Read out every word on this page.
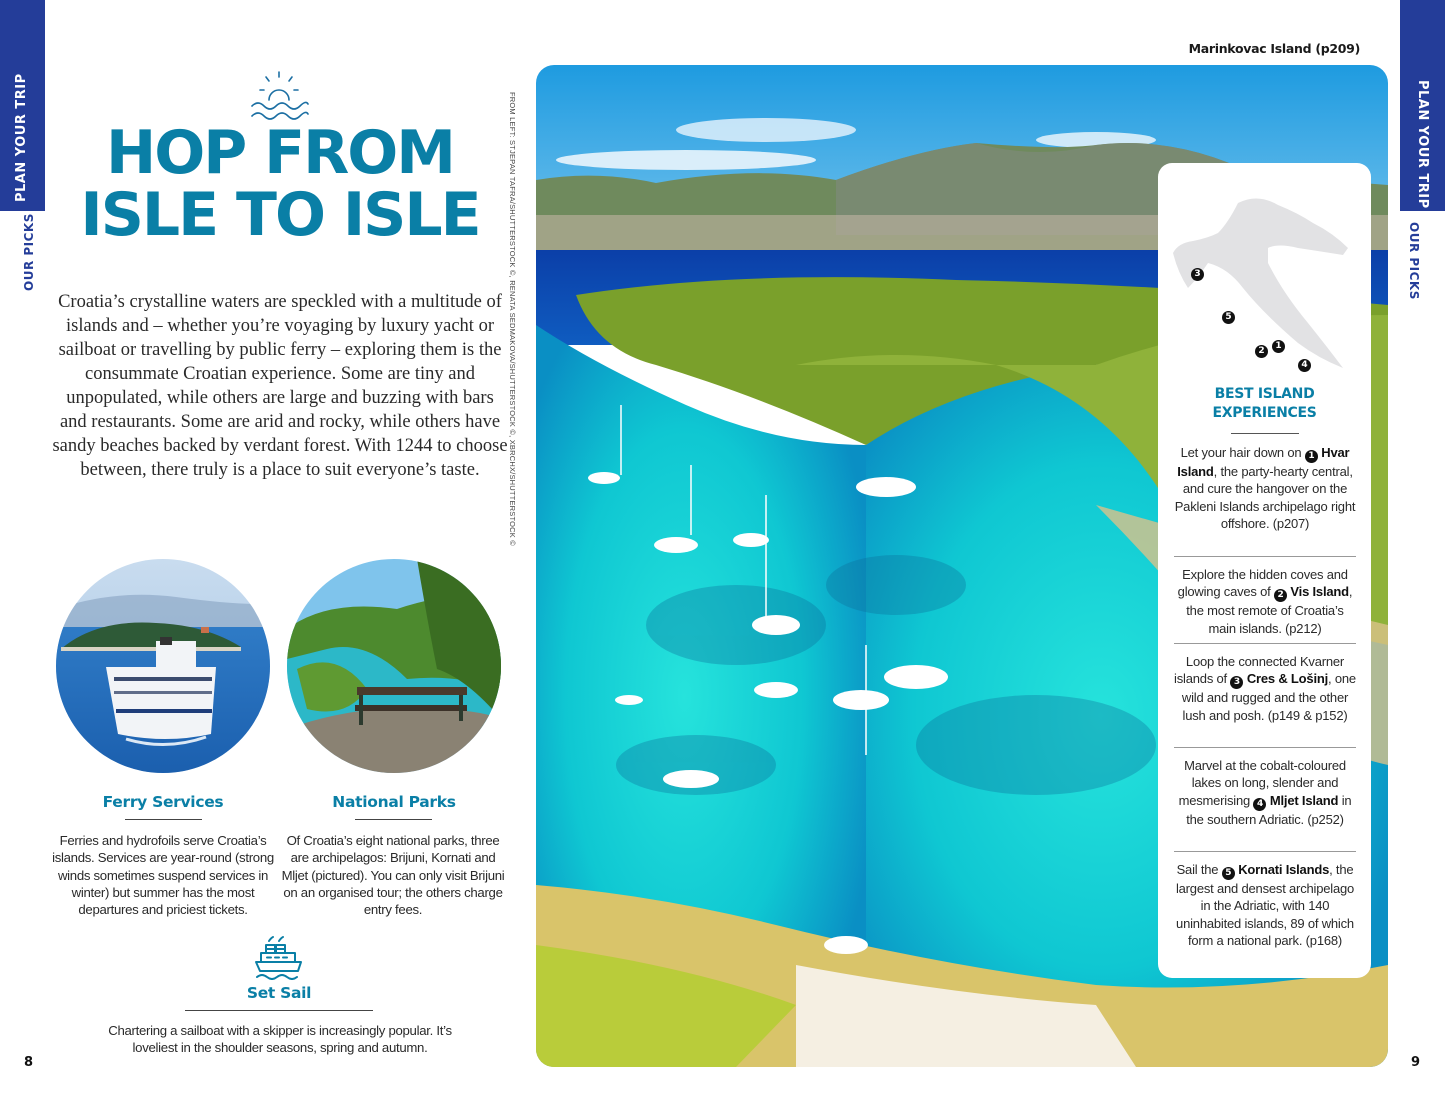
PLAN YOUR TRIP
OUR PICKS
PLAN YOUR TRIP
OUR PICKS
HOP FROM
ISLE TO ISLE

Croatia’s crystalline waters are speckled with a multitude of islands and – whether you’re voyaging by luxury yacht or sailboat or travelling by public ferry – exploring them is the consummate Croatian experience. Some are tiny and unpopulated, while others are large and buzzing with bars and restaurants. Some are arid and rocky, while others have sandy beaches backed by verdant forest. With 1244 to choose between, there truly is a place to suit everyone’s taste.

Ferry Services

Ferries and hydrofoils serve Croatia’s islands. Services are year-round (strong winds sometimes suspend services in winter) but summer has the most departures and priciest tickets.

National Parks

Of Croatia’s eight national parks, three are archipelagos: Brijuni, Kornati and Mljet (pictured). You can only visit Brijuni on an organised tour; the others charge entry fees.

Set Sail

Chartering a sailboat with a skipper is increasingly popular. It’s loveliest in the shoulder seasons, spring and autumn.

8
Marinkovac Island (p209)
FROM LEFT: STJEPAN TAFRA/SHUTTERSTOCK ©, RENATA SEDMAKOVA/SHUTTERSTOCK ©, XBRCHX/SHUTTERSTOCK ©	3
5
1
2
4
BEST ISLAND
EXPERIENCES

Let your hair down on 1 Hvar Island, the party-hearty central, and cure the hangover on the Pakleni Islands archipelago right offshore. (p207)

Explore the hidden coves and glowing caves of 2 Vis Island, the most remote of Croatia’s main islands. (p212)

Loop the connected Kvarner islands of 3 Cres & Lošinj, one wild and rugged and the other lush and posh. (p149 & p152)

Marvel at the cobalt-coloured lakes on long, slender and mesmerising 4 Mljet Island in the southern Adriatic. (p252)

Sail the 5 Kornati Islands, the largest and densest archipelago in the Adriatic, with 140 uninhabited islands, 89 of which form a national park. (p168)

9
